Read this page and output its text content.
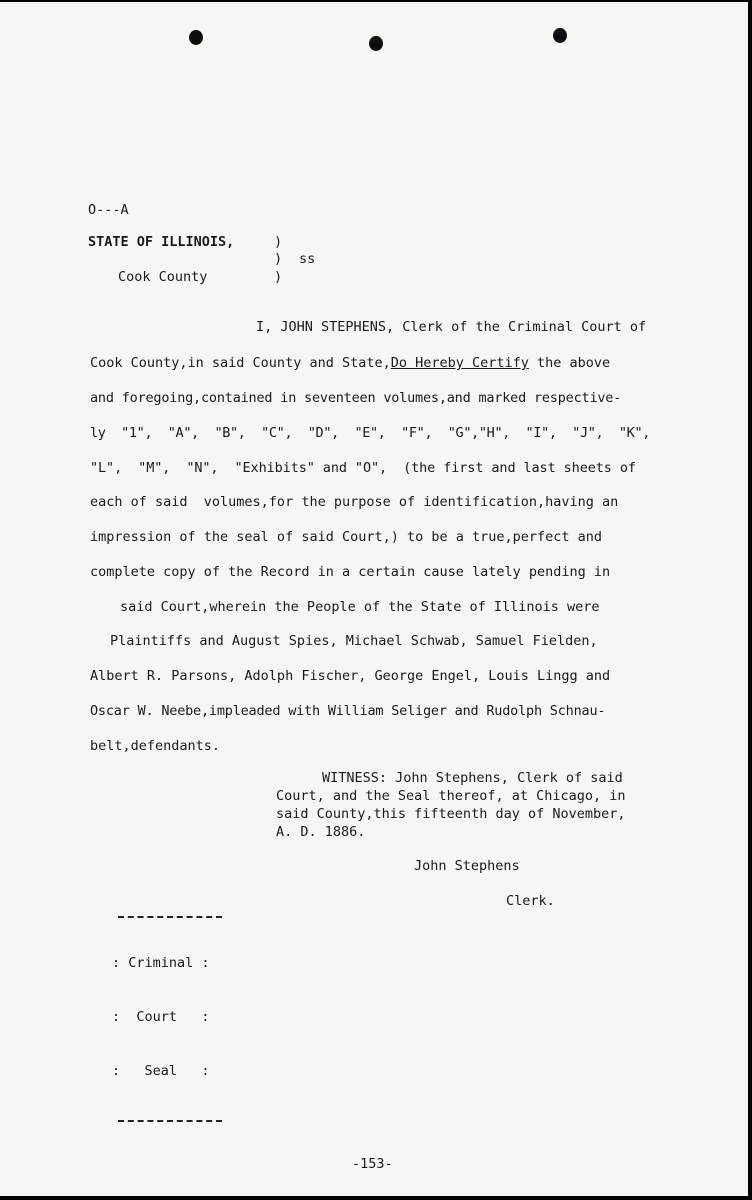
O---A
STATE OF ILLINOIS,	)
) ss
Cook County	)
I, JOHN STEPHENS, Clerk of the Criminal Court of
Cook County,in said County and State,Do Hereby Certify the above
and foregoing,contained in seventeen volumes,and marked respective-
ly  "1",  "A",  "B",  "C",  "D",  "E",  "F",  "G","H",  "I",  "J",  "K",
"L",  "M",  "N",  "Exhibits" and "O",  (the first and last sheets of
each of said  volumes,for the purpose of identification,having an
impression of the seal of said Court,) to be a true,perfect and
complete copy of the Record in a certain cause lately pending in
said Court,wherein the People of the State of Illinois were
Plaintiffs and August Spies, Michael Schwab, Samuel Fielden,
Albert R. Parsons, Adolph Fischer, George Engel, Louis Lingg and
Oscar W. Neebe,impleaded with William Seliger and Rudolph Schnau-
belt,defendants.
WITNESS: John Stephens, Clerk of said
Court, and the Seal thereof, at Chicago, in
said County,this fifteenth day of November,
A. D. 1886.
John Stephens
Clerk.

: Criminal :

:  Court   :

:   Seal   :

-153-
